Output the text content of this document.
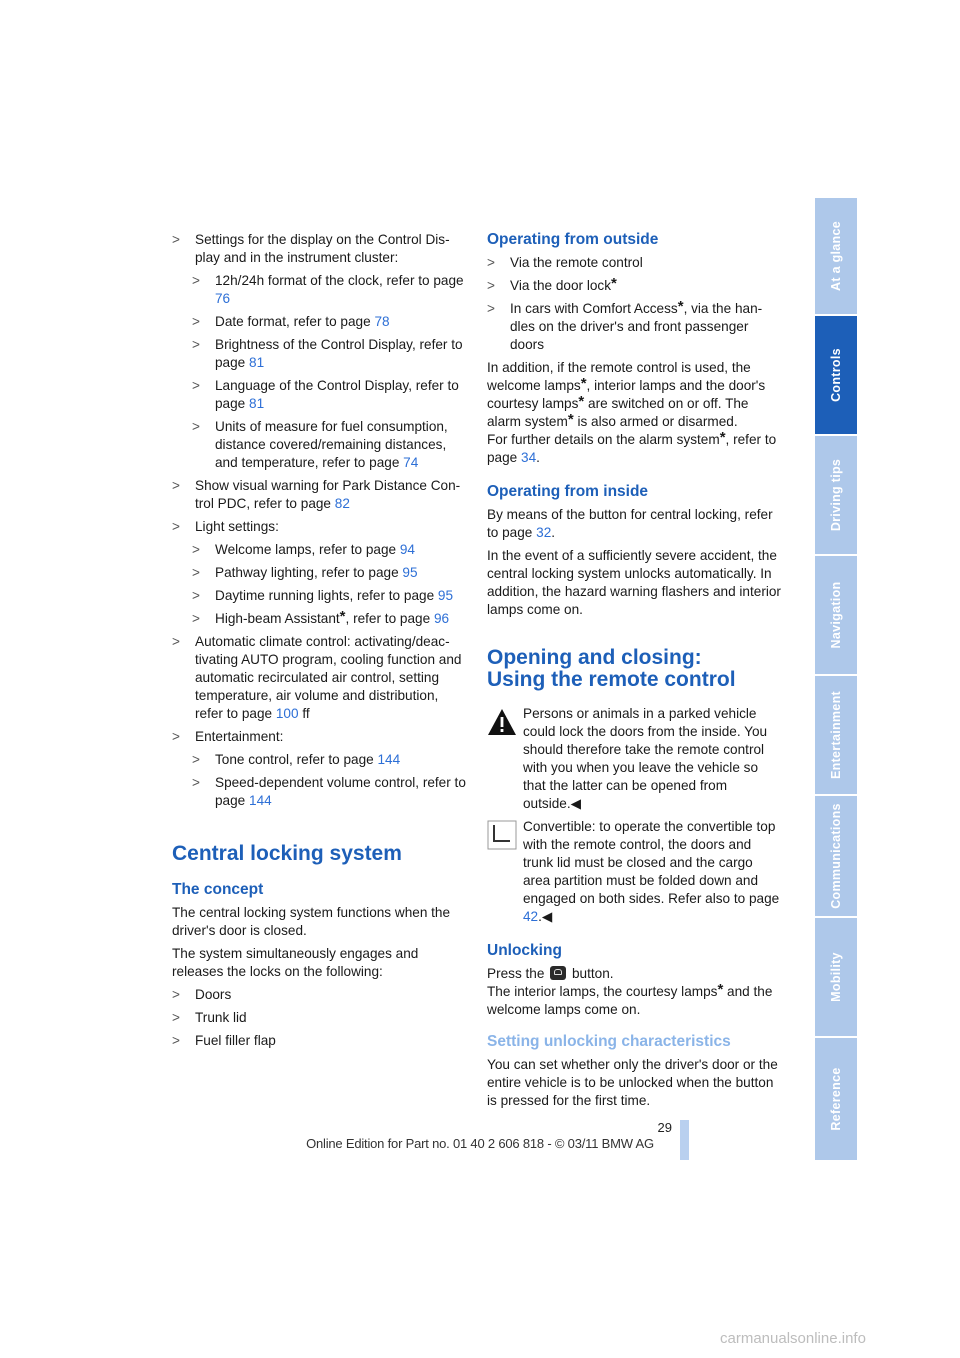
> Settings for the display on the Control Display and in the instrument cluster:
> 12h/24h format of the clock, refer to page 76
> Date format, refer to page 78
> Brightness of the Control Display, refer to page 81
> Language of the Control Display, refer to page 81
> Units of measure for fuel consumption, distance covered/remaining distances, and temperature, refer to page 74
> Show visual warning for Park Distance Control PDC, refer to page 82
> Light settings:
> Welcome lamps, refer to page 94
> Pathway lighting, refer to page 95
> Daytime running lights, refer to page 95
> High-beam Assistant*, refer to page 96
> Automatic climate control: activating/deactivating AUTO program, cooling function and automatic recirculated air control, setting temperature, air volume and distribution, refer to page 100 ff
> Entertainment:
> Tone control, refer to page 144
> Speed-dependent volume control, refer to page 144
Central locking system
The concept
The central locking system functions when the driver's door is closed.
The system simultaneously engages and releases the locks on the following:
> Doors
> Trunk lid
> Fuel filler flap
Operating from outside
> Via the remote control
> Via the door lock*
> In cars with Comfort Access*, via the handles on the driver's and front passenger doors
In addition, if the remote control is used, the welcome lamps*, interior lamps and the door's courtesy lamps* are switched on or off. The alarm system* is also armed or disarmed.
For further details on the alarm system*, refer to page 34.
Operating from inside
By means of the button for central locking, refer to page 32.
In the event of a sufficiently severe accident, the central locking system unlocks automatically. In addition, the hazard warning flashers and interior lamps come on.
Opening and closing:
Using the remote control
Persons or animals in a parked vehicle could lock the doors from the inside. You should therefore take the remote control with you when you leave the vehicle so that the latter can be opened from outside.◀
Convertible: to operate the convertible top with the remote control, the doors and trunk lid must be closed and the cargo area partition must be folded down and engaged on both sides. Refer also to page 42.◀
Unlocking
Press the  button.
The interior lamps, the courtesy lamps* and the welcome lamps come on.
Setting unlocking characteristics
You can set whether only the driver's door or the entire vehicle is to be unlocked when the button is pressed for the first time.
At a glance
Controls
Driving tips
Navigation
Entertainment
Communications
Mobility
Reference
29
Online Edition for Part no. 01 40 2 606 818 - © 03/11 BMW AG
carmanualsonline.info
